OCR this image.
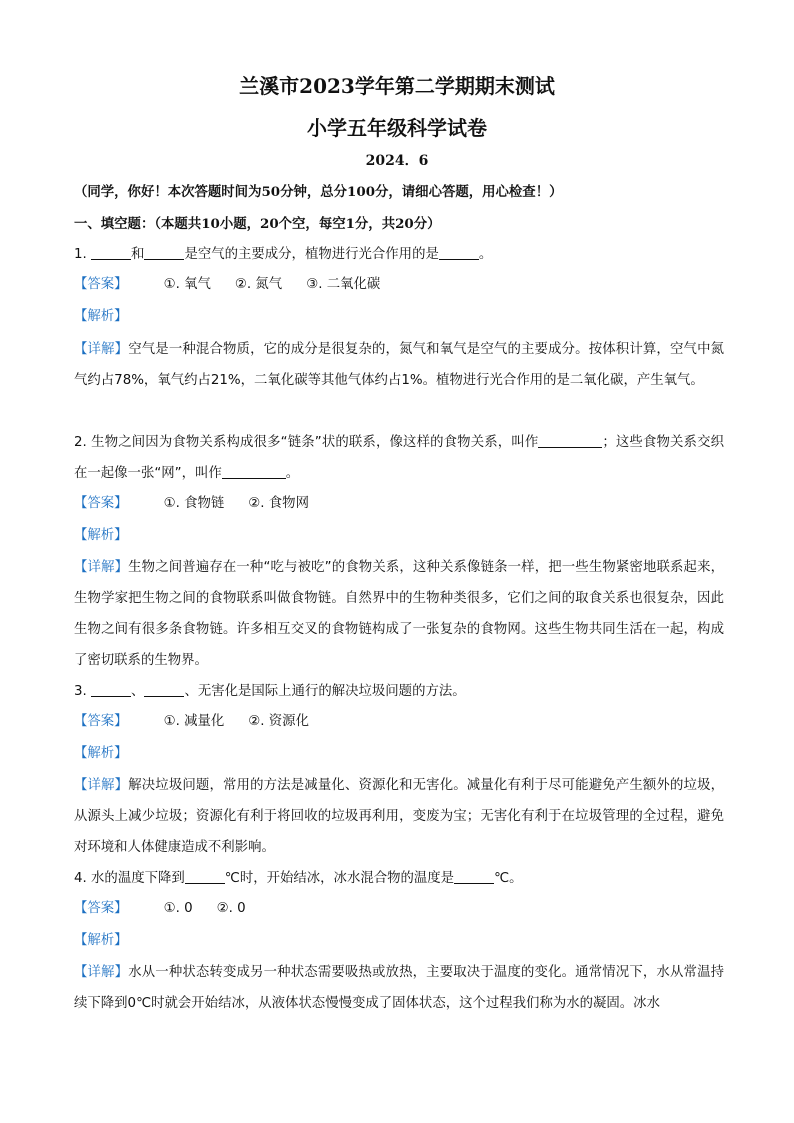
兰溪市2023学年第二学期期末测试
小学五年级科学试卷
2024．6
（同学，你好！本次答题时间为50分钟，总分100分，请细心答题，用心检查！）
一、填空题：（本题共10小题，20个空，每空1分，共20分）
1.	和	是空气的主要成分，植物进行光合作用的是	。
【答案】	①. 氧气 ②. 氮气 ③. 二氧化碳
【解析】
【详解】空气是一种混合物质，它的成分是很复杂的，氮气和氧气是空气的主要成分。按体积计算，空气中氮气约占78%，氧气约占21%，二氧化碳等其他气体约占1%。植物进行光合作用的是二氧化碳，产生氧气。
2. 生物之间因为食物关系构成很多“链条”状的联系，像这样的食物关系，叫作	；这些食物关系交织在一起像一张“网”，叫作	。
【答案】	①. 食物链 ②. 食物网
【解析】
【详解】生物之间普遍存在一种“吃与被吃”的食物关系，这种关系像链条一样，把一些生物紧密地联系起来，生物学家把生物之间的食物联系叫做食物链。自然界中的生物种类很多，它们之间的取食关系也很复杂，因此生物之间有很多条食物链。许多相互交叉的食物链构成了一张复杂的食物网。这些生物共同生活在一起，构成了密切联系的生物界。
3.	、	、无害化是国际上通行的解决垃圾问题的方法。
【答案】	①. 减量化 ②. 资源化
【解析】
【详解】解决垃圾问题，常用的方法是减量化、资源化和无害化。减量化有利于尽可能避免产生额外的垃圾，从源头上减少垃圾；资源化有利于将回收的垃圾再利用，变废为宝；无害化有利于在垃圾管理的全过程，避免对环境和人体健康造成不利影响。
4. 水的温度下降到	℃时，开始结冰，冰水混合物的温度是	℃。
【答案】	①. 0 ②. 0
【解析】
【详解】水从一种状态转变成另一种状态需要吸热或放热，主要取决于温度的变化。通常情况下，水从常温持续下降到0℃时就会开始结冰，从液体状态慢慢变成了固体状态，这个过程我们称为水的凝固。冰水
